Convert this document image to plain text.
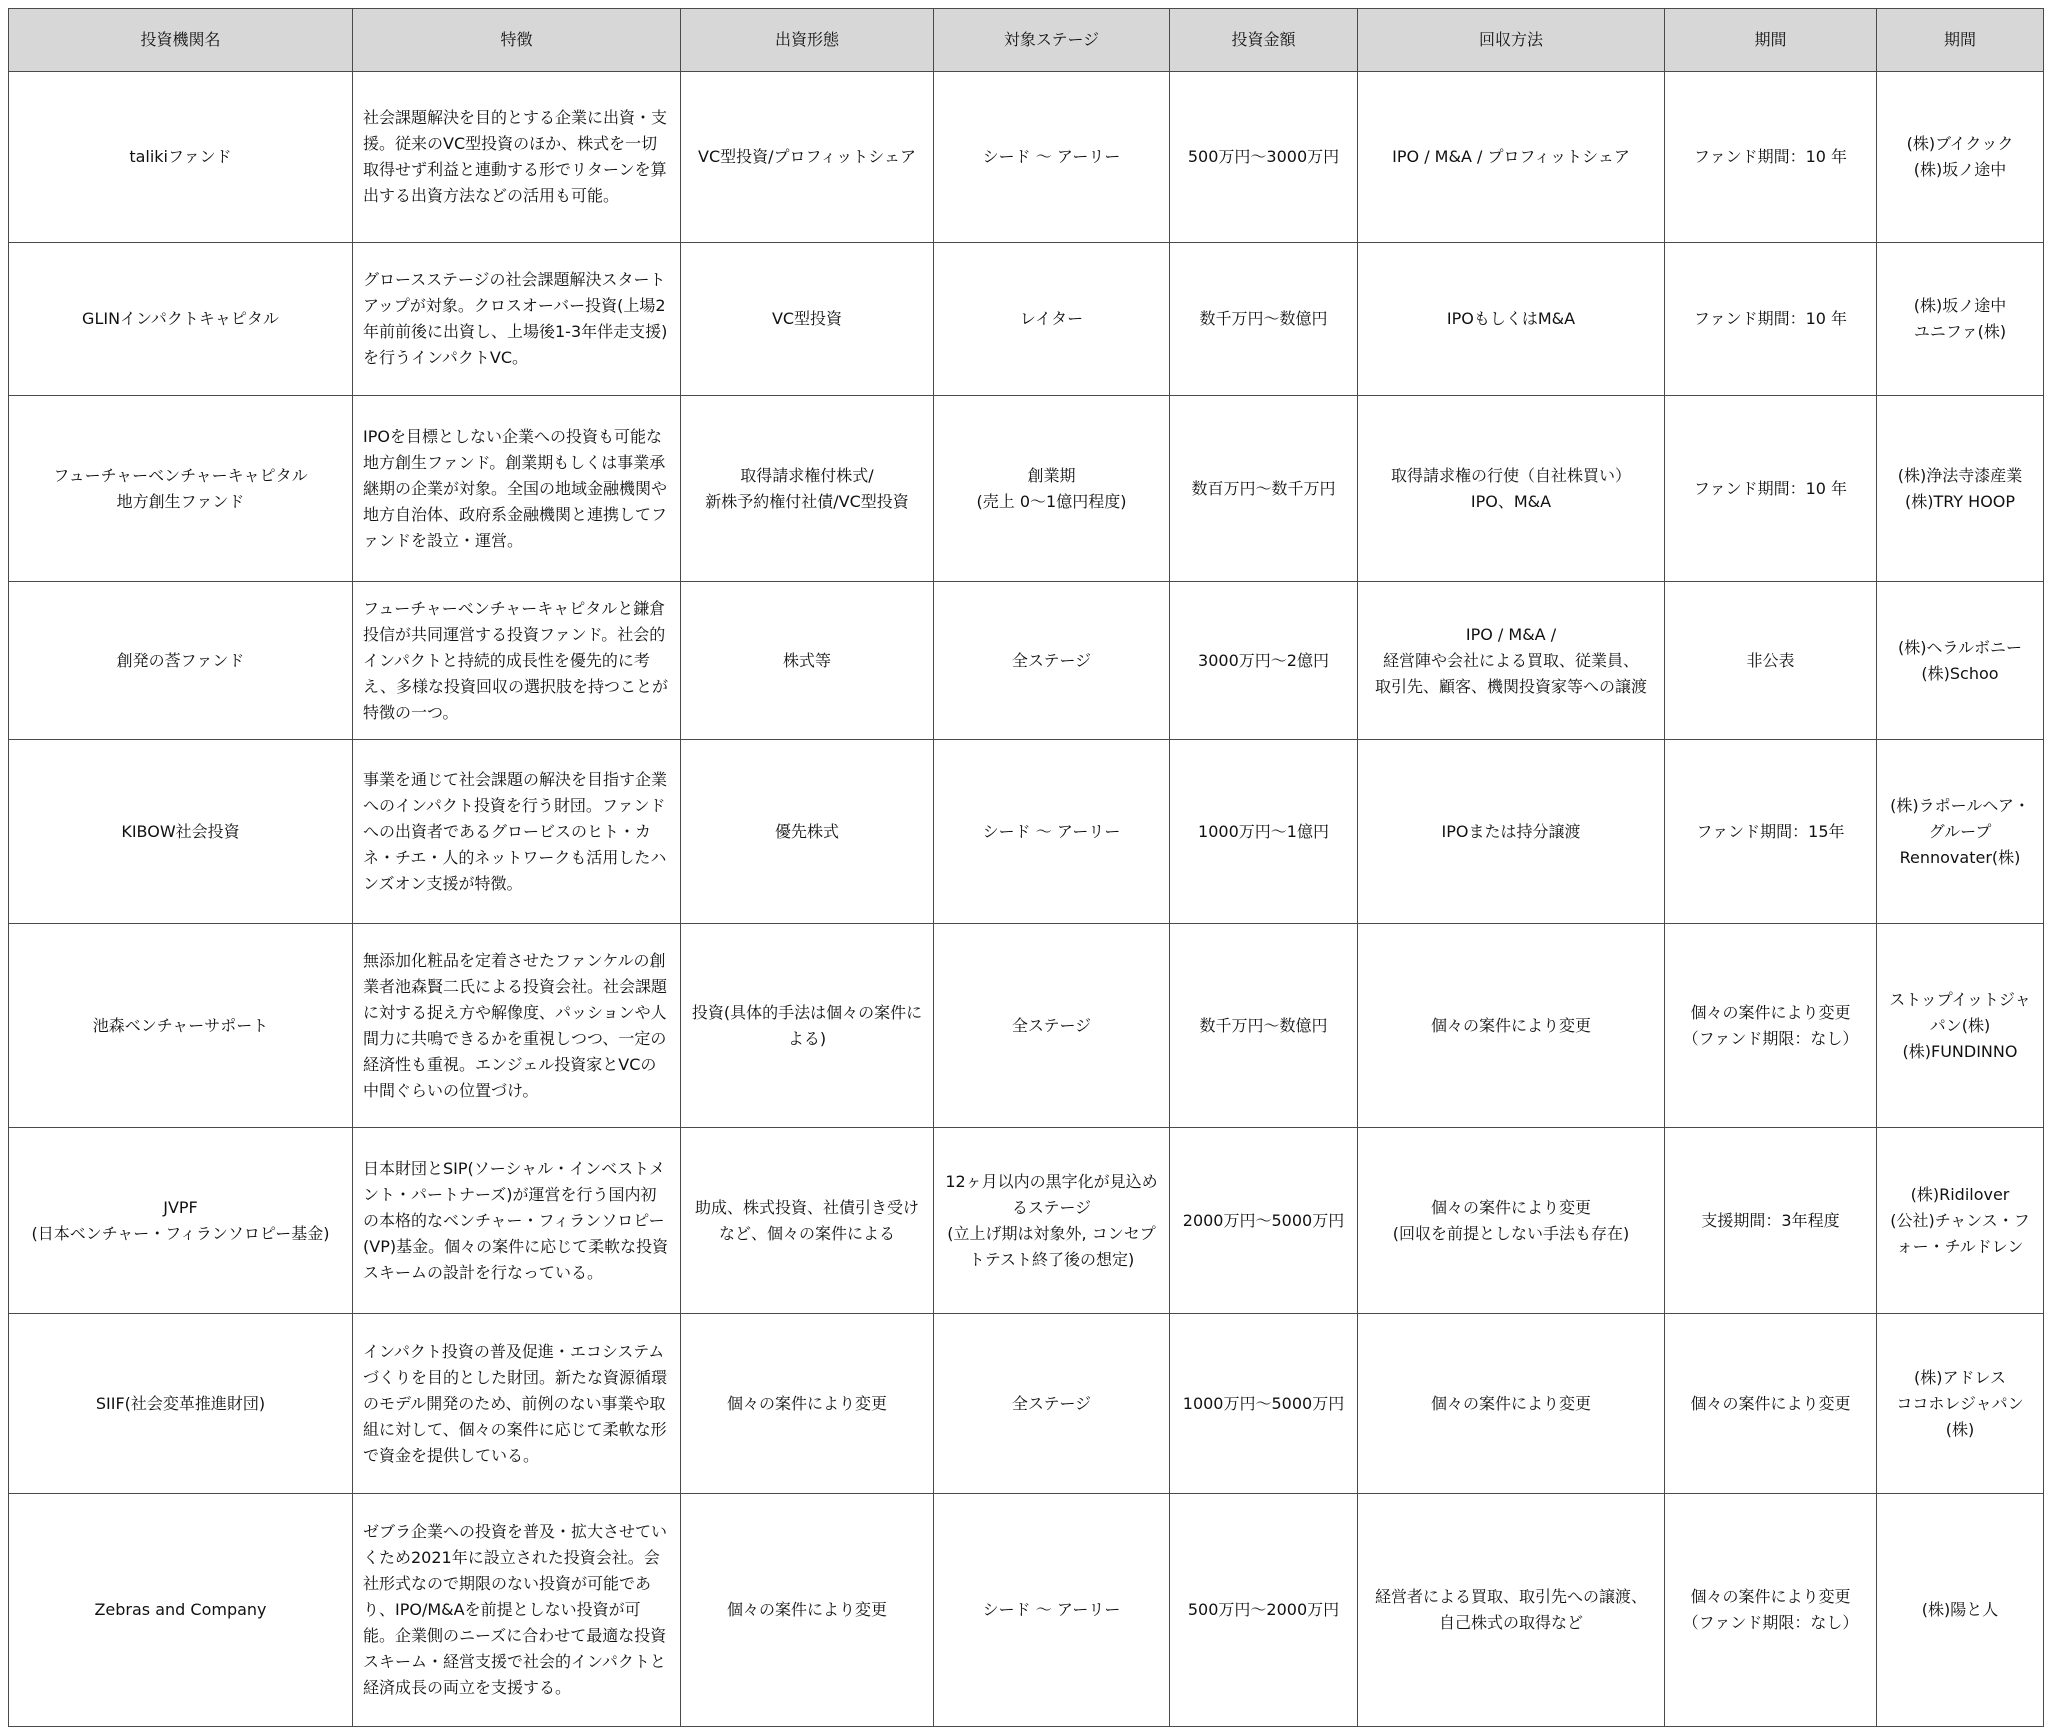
投資機関名	特徴	出資形態	対象ステージ	投資金額	回収方法	期間	期間

talikiファンド	社会課題解決を目的とする企業に出資・支援。従来のVC型投資のほか、株式を一切取得せず利益と連動する形でリターンを算出する出資方法などの活用も可能。	VC型投資/プロフィットシェア	シード 〜 アーリー	500万円〜3000万円	IPO / M&A / プロフィットシェア	ファンド期間：10 年	(株)ブイクック
(株)坂ノ途中

GLINインパクトキャピタル	グロースステージの社会課題解決スタートアップが対象。クロスオーバー投資(上場2年前前後に出資し、上場後1-3年伴走支援)を行うインパクトVC。	VC型投資	レイター	数千万円〜数億円	IPOもしくはM&A	ファンド期間：10 年	(株)坂ノ途中
ユニファ(株)

フューチャーベンチャーキャピタル
地方創生ファンド	IPOを目標としない企業への投資も可能な地方創生ファンド。創業期もしくは事業承継期の企業が対象。全国の地域金融機関や地方自治体、政府系金融機関と連携してファンドを設立・運営。	取得請求権付株式/
新株予約権付社債/VC型投資	創業期
(売上 0〜1億円程度)	数百万円〜数千万円	取得請求権の行使（自社株買い）
IPO、M&A	ファンド期間：10 年	(株)浄法寺漆産業
(株)TRY HOOP

創発の莟ファンド	フューチャーベンチャーキャピタルと鎌倉投信が共同運営する投資ファンド。社会的インパクトと持続的成長性を優先的に考え、多様な投資回収の選択肢を持つことが特徴の一つ。	株式等	全ステージ	3000万円〜2億円	IPO / M&A /
経営陣や会社による買取、従業員、
取引先、顧客、機関投資家等への譲渡	非公表	(株)ヘラルボニー
(株)Schoo

KIBOW社会投資	事業を通じて社会課題の解決を目指す企業へのインパクト投資を行う財団。ファンドへの出資者であるグロービスのヒト・カネ・チエ・人的ネットワークも活用したハンズオン支援が特徴。	優先株式	シード 〜 アーリー	1000万円〜1億円	IPOまたは持分譲渡	ファンド期間：15年	(株)ラポールヘア・グループ
Rennovater(株)

池森ベンチャーサポート	無添加化粧品を定着させたファンケルの創業者池森賢二氏による投資会社。社会課題に対する捉え方や解像度、パッションや人間力に共鳴できるかを重視しつつ、一定の経済性も重視。エンジェル投資家とVCの中間ぐらいの位置づけ。	投資(具体的手法は個々の案件による)	全ステージ	数千万円〜数億円	個々の案件により変更	個々の案件により変更
（ファンド期限：なし）	ストップイットジャパン(株)
(株)FUNDINNO

JVPF
(日本ベンチャー・フィランソロピー基金)	日本財団とSIP(ソーシャル・インベストメント・パートナーズ)が運営を行う国内初の本格的なベンチャー・フィランソロピー(VP)基金。個々の案件に応じて柔軟な投資スキームの設計を行なっている。	助成、株式投資、社債引き受けなど、個々の案件による	12ヶ月以内の黒字化が見込めるステージ
(立上げ期は対象外, コンセプトテスト終了後の想定)	2000万円〜5000万円	個々の案件により変更
(回収を前提としない手法も存在)	支援期間：3年程度	(株)Ridilover
(公社)チャンス・フォー・チルドレン

SIIF(社会変革推進財団)	インパクト投資の普及促進・エコシステムづくりを目的とした財団。新たな資源循環のモデル開発のため、前例のない事業や取組に対して、個々の案件に応じて柔軟な形で資金を提供している。	個々の案件により変更	全ステージ	1000万円〜5000万円	個々の案件により変更	個々の案件により変更	(株)アドレス
ココホレジャパン(株)

Zebras and Company	ゼブラ企業への投資を普及・拡大させていくため2021年に設立された投資会社。会社形式なので期限のない投資が可能であり、IPO/M&Aを前提としない投資が可能。企業側のニーズに合わせて最適な投資スキーム・経営支援で社会的インパクトと経済成長の両立を支援する。	個々の案件により変更	シード 〜 アーリー	500万円〜2000万円	経営者による買取、取引先への譲渡、
自己株式の取得など	個々の案件により変更
（ファンド期限：なし）	(株)陽と人
